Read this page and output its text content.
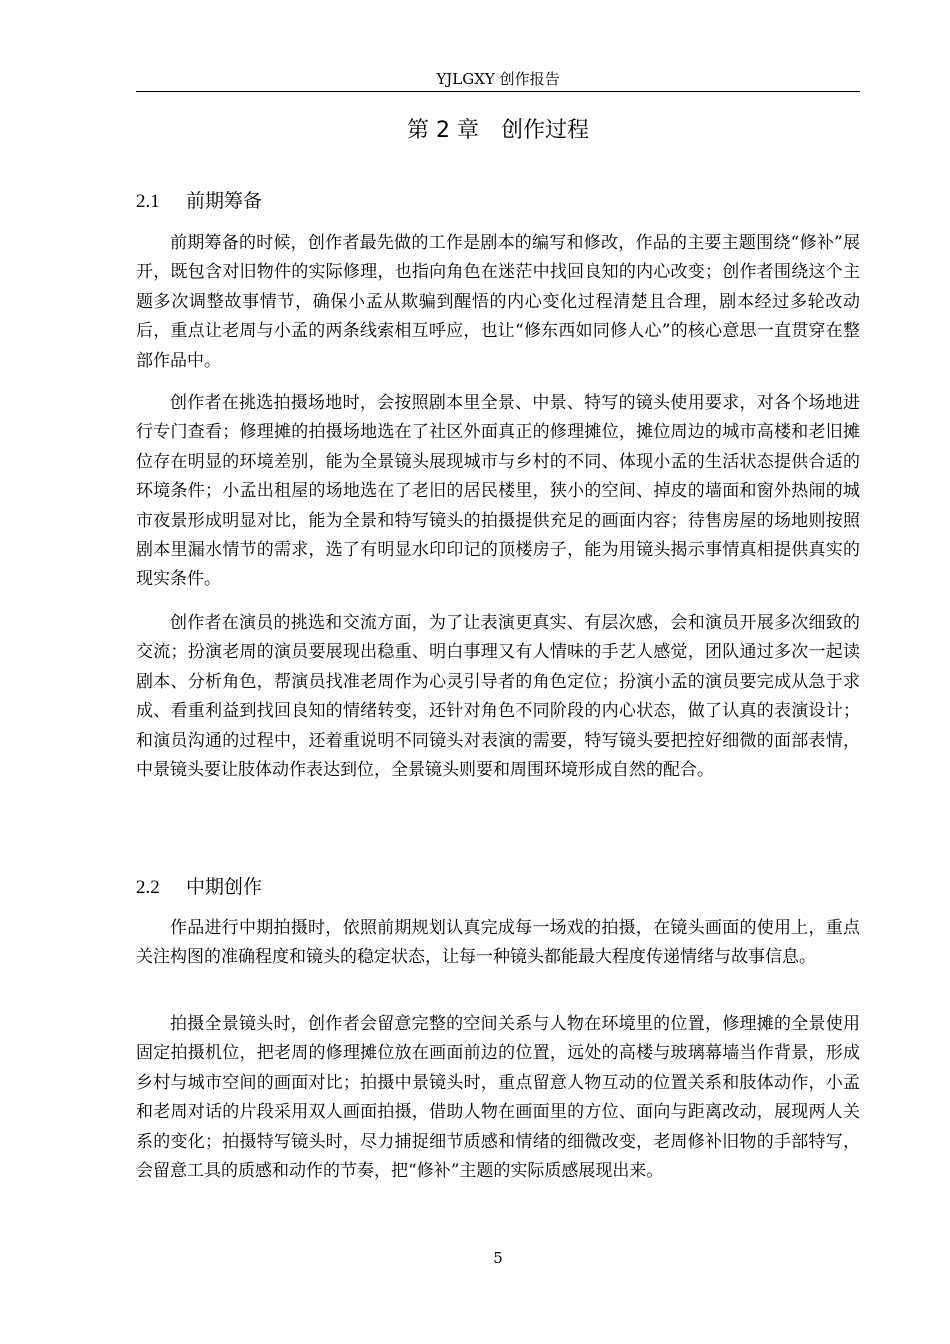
YJLGXY 创作报告
第 2 章　创作过程
2.1 前期筹备

前期筹备的时候，创作者最先做的工作是剧本的编写和修改，作品的主要主题围绕“修补”展开，既包含对旧物件的实际修理，也指向角色在迷茫中找回良知的内心改变；创作者围绕这个主题多次调整故事情节，确保小孟从欺骗到醒悟的内心变化过程清楚且合理，剧本经过多轮改动后，重点让老周与小孟的两条线索相互呼应，也让“修东西如同修人心”的核心意思一直贯穿在整部作品中。

创作者在挑选拍摄场地时，会按照剧本里全景、中景、特写的镜头使用要求，对各个场地进行专门查看；修理摊的拍摄场地选在了社区外面真正的修理摊位，摊位周边的城市高楼和老旧摊位存在明显的环境差别，能为全景镜头展现城市与乡村的不同、体现小孟的生活状态提供合适的环境条件；小孟出租屋的场地选在了老旧的居民楼里，狭小的空间、掉皮的墙面和窗外热闹的城市夜景形成明显对比，能为全景和特写镜头的拍摄提供充足的画面内容；待售房屋的场地则按照剧本里漏水情节的需求，选了有明显水印印记的顶楼房子，能为用镜头揭示事情真相提供真实的现实条件。

创作者在演员的挑选和交流方面，为了让表演更真实、有层次感，会和演员开展多次细致的交流；扮演老周的演员要展现出稳重、明白事理又有人情味的手艺人感觉，团队通过多次一起读剧本、分析角色，帮演员找准老周作为心灵引导者的角色定位；扮演小孟的演员要完成从急于求成、看重利益到找回良知的情绪转变，还针对角色不同阶段的内心状态，做了认真的表演设计；和演员沟通的过程中，还着重说明不同镜头对表演的需要，特写镜头要把控好细微的面部表情，中景镜头要让肢体动作表达到位，全景镜头则要和周围环境形成自然的配合。

2.2 中期创作

作品进行中期拍摄时，依照前期规划认真完成每一场戏的拍摄，在镜头画面的使用上，重点关注构图的准确程度和镜头的稳定状态，让每一种镜头都能最大程度传递情绪与故事信息。

拍摄全景镜头时，创作者会留意完整的空间关系与人物在环境里的位置，修理摊的全景使用固定拍摄机位，把老周的修理摊位放在画面前边的位置，远处的高楼与玻璃幕墙当作背景，形成乡村与城市空间的画面对比；拍摄中景镜头时，重点留意人物互动的位置关系和肢体动作，小孟和老周对话的片段采用双人画面拍摄，借助人物在画面里的方位、面向与距离改动，展现两人关系的变化；拍摄特写镜头时，尽力捕捉细节质感和情绪的细微改变，老周修补旧物的手部特写，会留意工具的质感和动作的节奏，把“修补”主题的实际质感展现出来。

5
